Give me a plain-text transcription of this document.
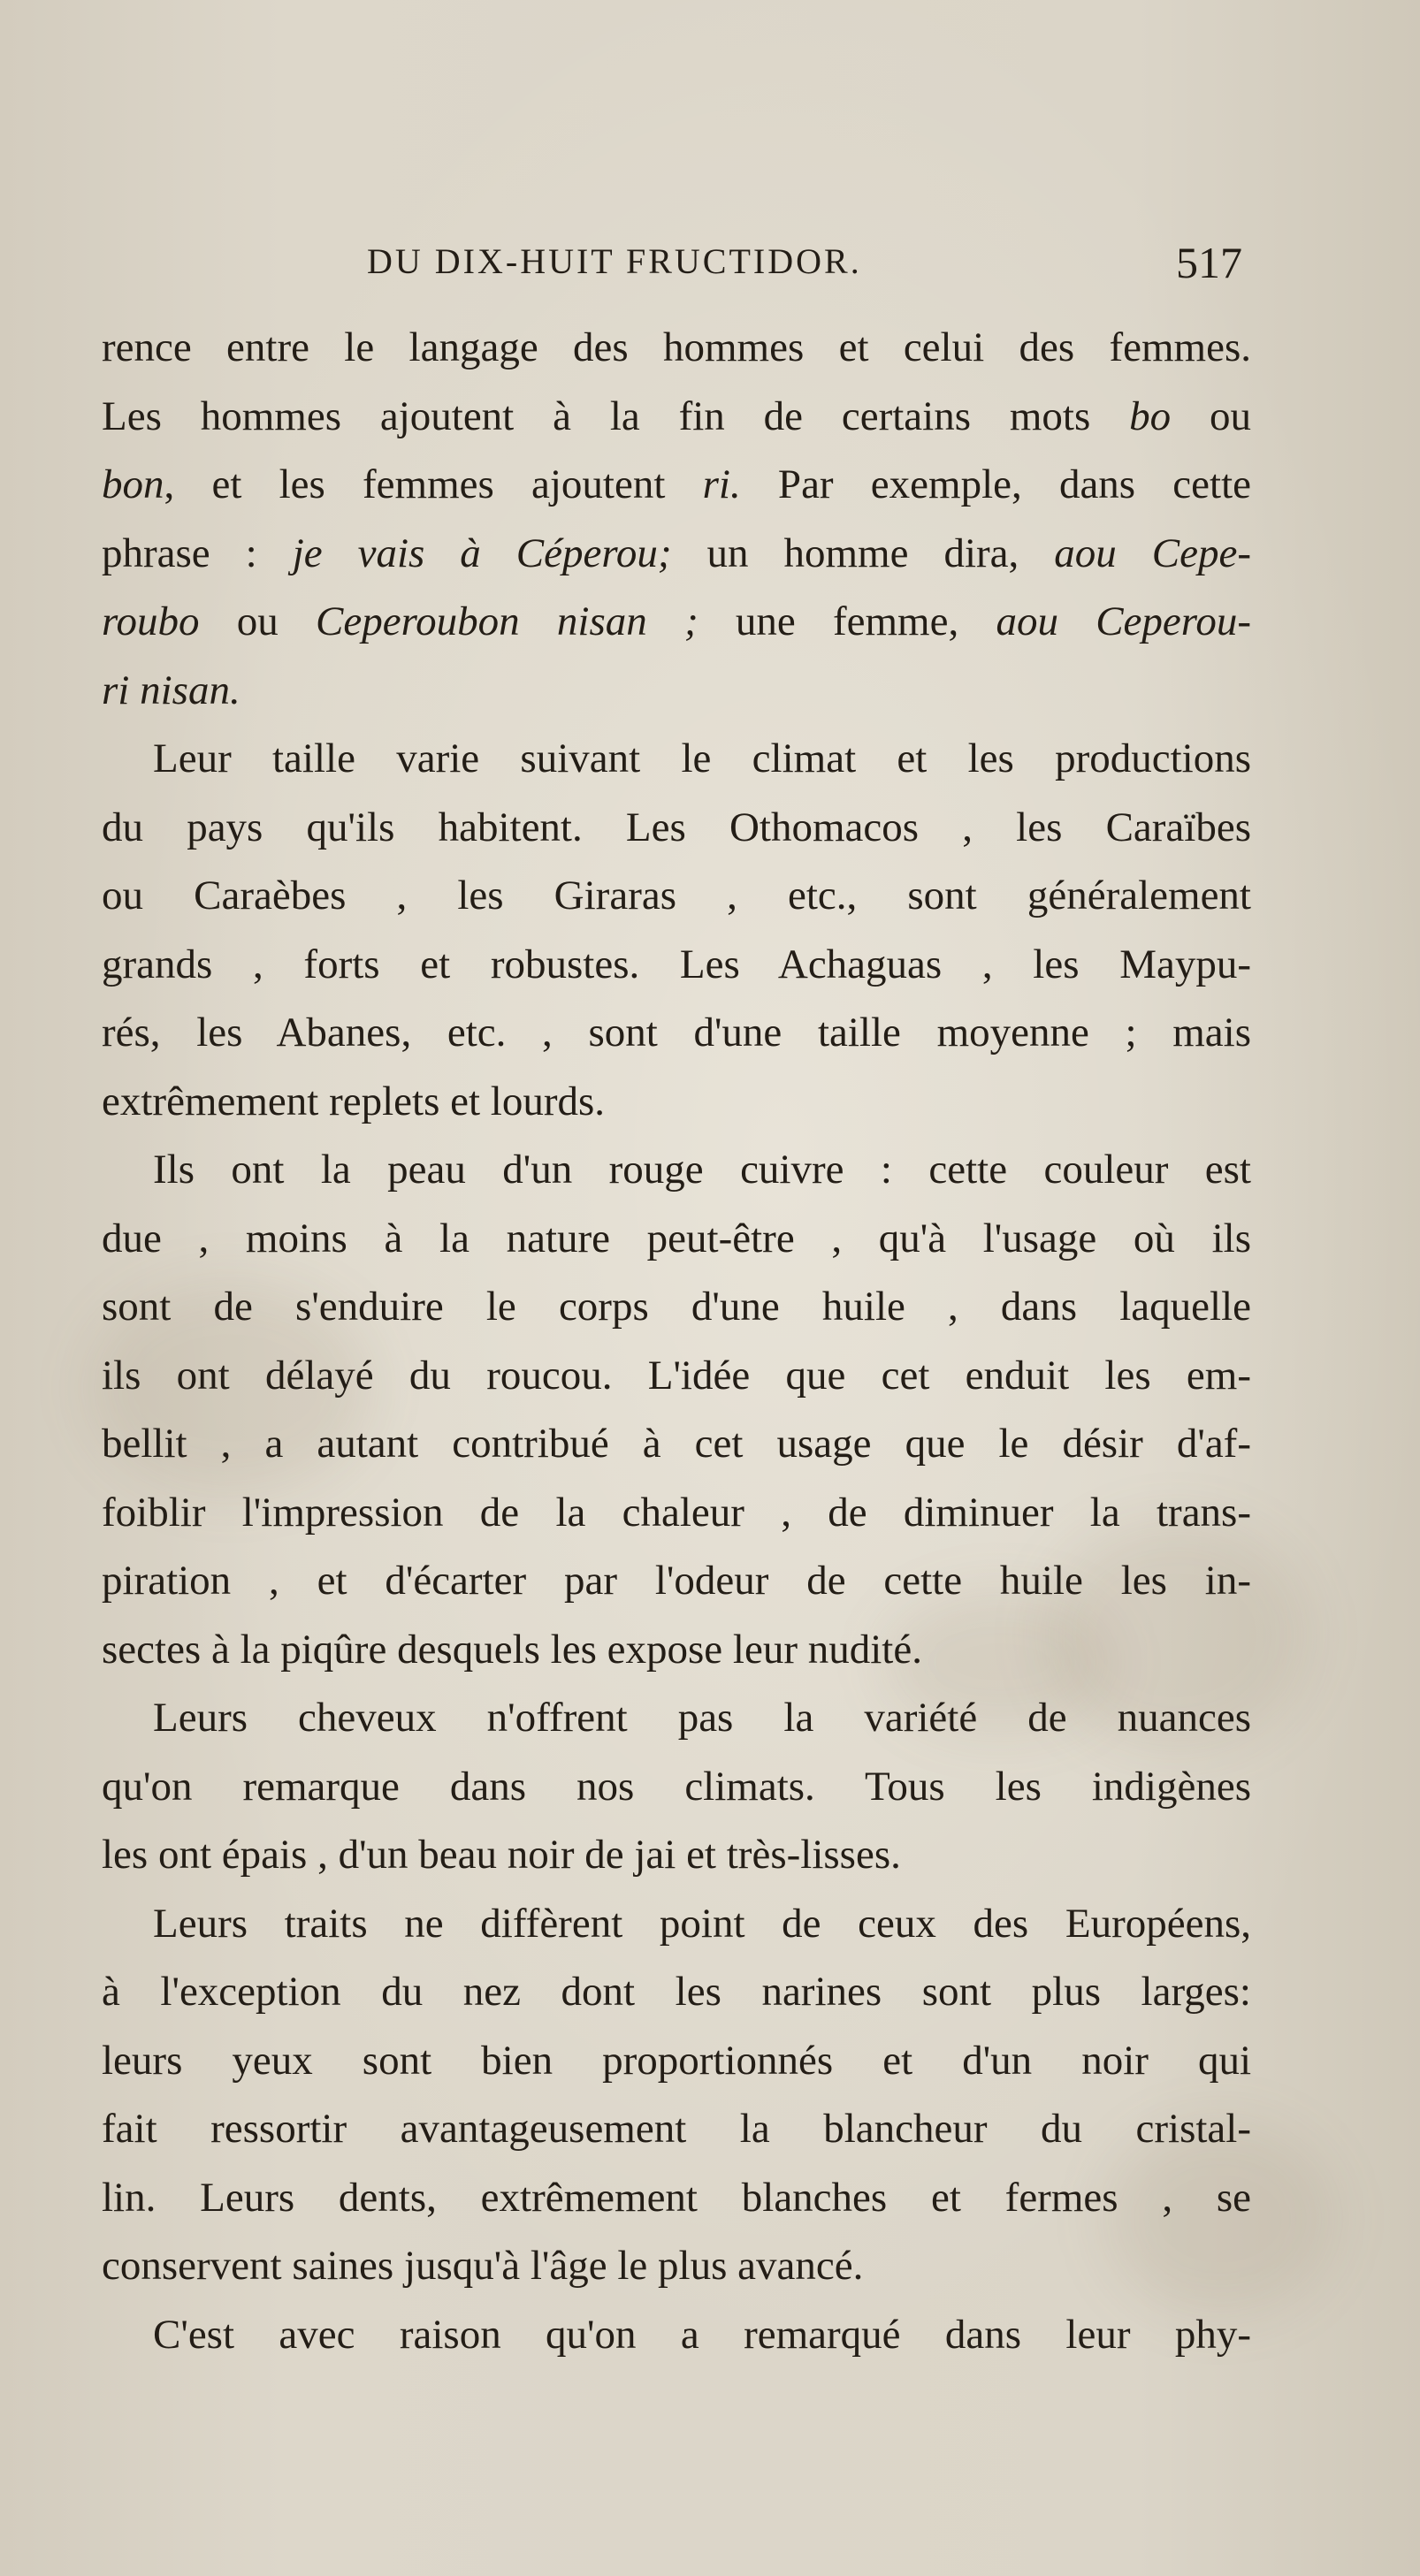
DU DIX-HUIT FRUCTIDOR.	517
rence entre le langage des hommes et celui des femmes.
Les hommes ajoutent à la fin de certains mots bo ou
bon, et les femmes ajoutent ri. Par exemple, dans cette
phrase : je vais à Céperou; un homme dira, aou Cepe-
roubo ou Ceperoubon nisan ; une femme, aou Ceperou-
ri nisan.
Leur taille varie suivant le climat et les productions
du pays qu'ils habitent. Les Othomacos , les Caraïbes
ou Caraèbes , les Giraras , etc., sont généralement
grands , forts et robustes. Les Achaguas , les Maypu-
rés, les Abanes, etc. , sont d'une taille moyenne ; mais
extrêmement replets et lourds.
Ils ont la peau d'un rouge cuivre : cette couleur est
due , moins à la nature peut-être , qu'à l'usage où ils
sont de s'enduire le corps d'une huile , dans laquelle
ils ont délayé du roucou. L'idée que cet enduit les em-
bellit , a autant contribué à cet usage que le désir d'af-
foiblir l'impression de la chaleur , de diminuer la trans-
piration , et d'écarter par l'odeur de cette huile les in-
sectes à la piqûre desquels les expose leur nudité.
Leurs cheveux n'offrent pas la variété de nuances
qu'on remarque dans nos climats. Tous les indigènes
les ont épais , d'un beau noir de jai et très-lisses.
Leurs traits ne diffèrent point de ceux des Européens,
à l'exception du nez dont les narines sont plus larges:
leurs yeux sont bien proportionnés et d'un noir qui
fait ressortir avantageusement la blancheur du cristal-
lin. Leurs dents, extrêmement blanches et fermes , se
conservent saines jusqu'à l'âge le plus avancé.
C'est avec raison qu'on a remarqué dans leur phy-
